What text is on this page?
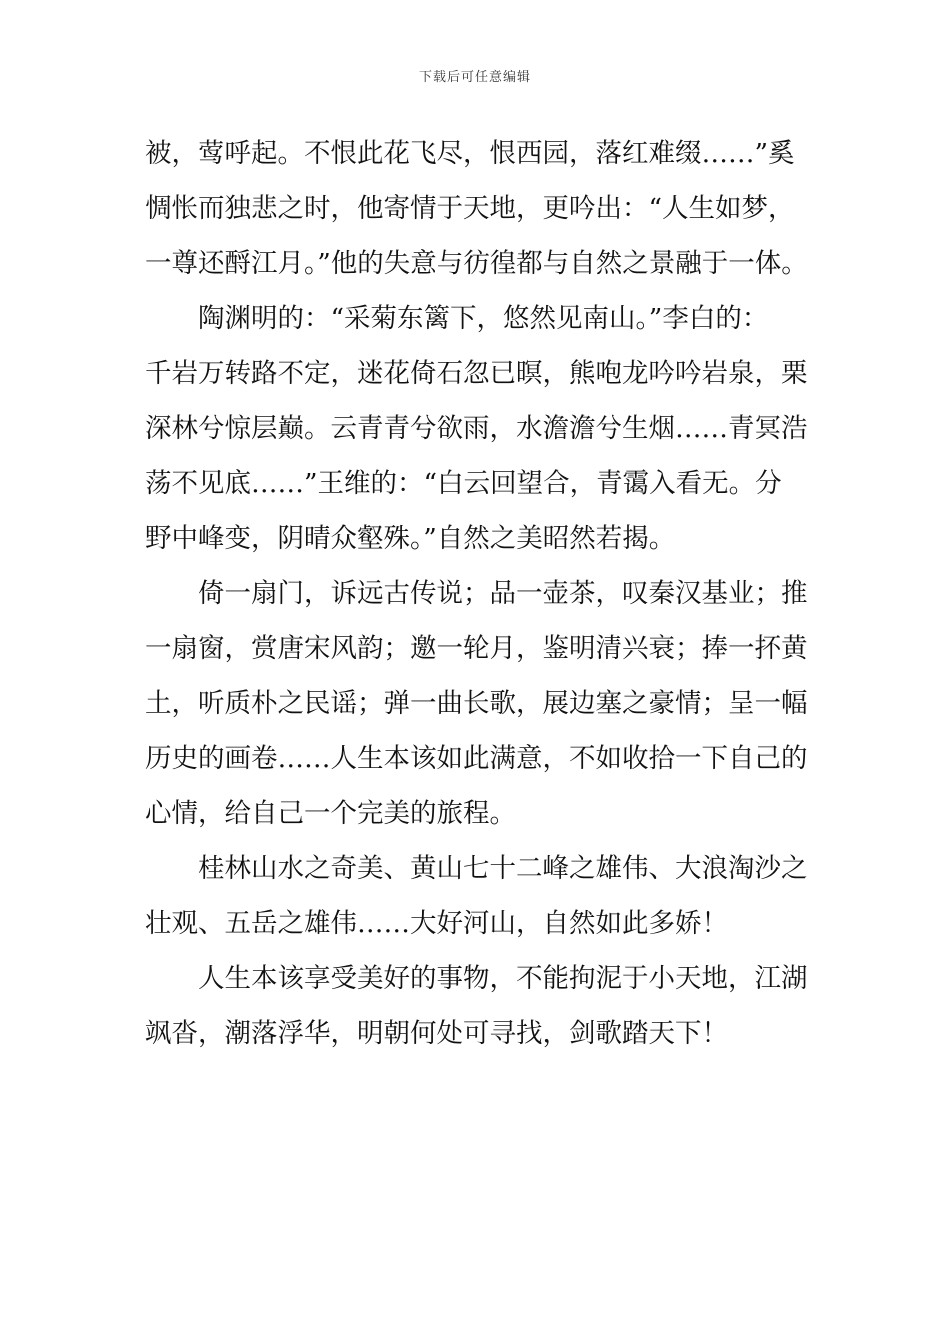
下载后可任意编辑
被，莺呼起。不恨此花飞尽，恨西园，落红难缀……”奚
惆怅而独悲之时，他寄情于天地，更吟出：“人生如梦，
一尊还酹江月。”他的失意与彷徨都与自然之景融于一体。
陶渊明的：“采菊东篱下，悠然见南山。”李白的：
千岩万转路不定，迷花倚石忽已暝，熊咆龙吟吟岩泉，栗
深林兮惊层巅。云青青兮欲雨，水澹澹兮生烟……青冥浩
荡不见底……”王维的：“白云回望合，青霭入看无。分
野中峰变，阴晴众壑殊。”自然之美昭然若揭。
倚一扇门，诉远古传说；品一壶茶，叹秦汉基业；推
一扇窗，赏唐宋风韵；邀一轮月，鉴明清兴衰；捧一抔黄
土，听质朴之民谣；弹一曲长歌，展边塞之豪情；呈一幅
历史的画卷……人生本该如此满意，不如收拾一下自己的
心情，给自己一个完美的旅程。
桂林山水之奇美、黄山七十二峰之雄伟、大浪淘沙之
壮观、五岳之雄伟……大好河山，自然如此多娇！
人生本该享受美好的事物，不能拘泥于小天地，江湖
飒沓，潮落浮华，明朝何处可寻找，剑歌踏天下！
